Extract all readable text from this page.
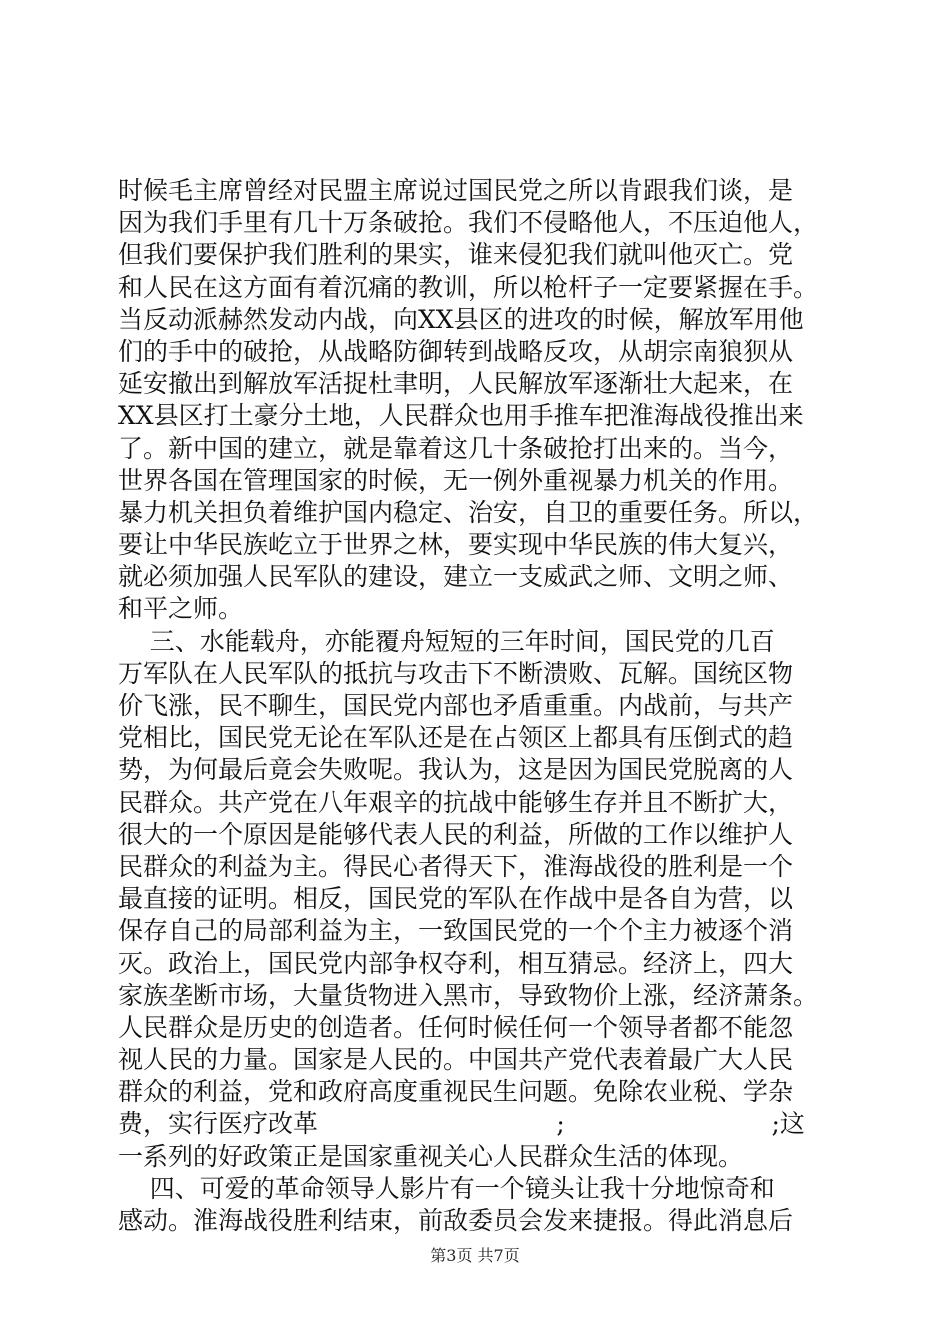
时候毛主席曾经对民盟主席说过国民党之所以肯跟我们谈，是
因为我们手里有几十万条破抢。我们不侵略他人，不压迫他人，
但我们要保护我们胜利的果实，谁来侵犯我们就叫他灭亡。党
和人民在这方面有着沉痛的教训，所以枪杆子一定要紧握在手。
当反动派赫然发动内战，向XX县区的进攻的时候，解放军用他
们的手中的破抢，从战略防御转到战略反攻，从胡宗南狼狈从
延安撤出到解放军活捉杜聿明，人民解放军逐渐壮大起来，在
XX县区打土豪分土地，人民群众也用手推车把淮海战役推出来
了。新中国的建立，就是靠着这几十条破抢打出来的。当今，
世界各国在管理国家的时候，无一例外重视暴力机关的作用。
暴力机关担负着维护国内稳定、治安，自卫的重要任务。所以，
要让中华民族屹立于世界之林，要实现中华民族的伟大复兴，
就必须加强人民军队的建设，建立一支威武之师、文明之师、
和平之师。
三、水能载舟，亦能覆舟短短的三年时间，国民党的几百
万军队在人民军队的抵抗与攻击下不断溃败、瓦解。国统区物
价飞涨，民不聊生，国民党内部也矛盾重重。内战前，与共产
党相比，国民党无论在军队还是在占领区上都具有压倒式的趋
势，为何最后竟会失败呢。我认为，这是因为国民党脱离的人
民群众。共产党在八年艰辛的抗战中能够生存并且不断扩大，
很大的一个原因是能够代表人民的利益，所做的工作以维护人
民群众的利益为主。得民心者得天下，淮海战役的胜利是一个
最直接的证明。相反，国民党的军队在作战中是各自为营，以
保存自己的局部利益为主，一致国民党的一个个主力被逐个消
灭。政治上，国民党内部争权夺利，相互猜忌。经济上，四大
家族垄断市场，大量货物进入黑市，导致物价上涨，经济萧条。
人民群众是历史的创造者。任何时候任何一个领导者都不能忽
视人民的力量。国家是人民的。中国共产党代表着最广大人民
群众的利益，党和政府高度重视民生问题。免除农业税、学杂
费，实行医疗改革                              ;                          ;这
一系列的好政策正是国家重视关心人民群众生活的体现。
四、可爱的革命领导人影片有一个镜头让我十分地惊奇和
感动。淮海战役胜利结束，前敌委员会发来捷报。得此消息后
第3页 共7页
